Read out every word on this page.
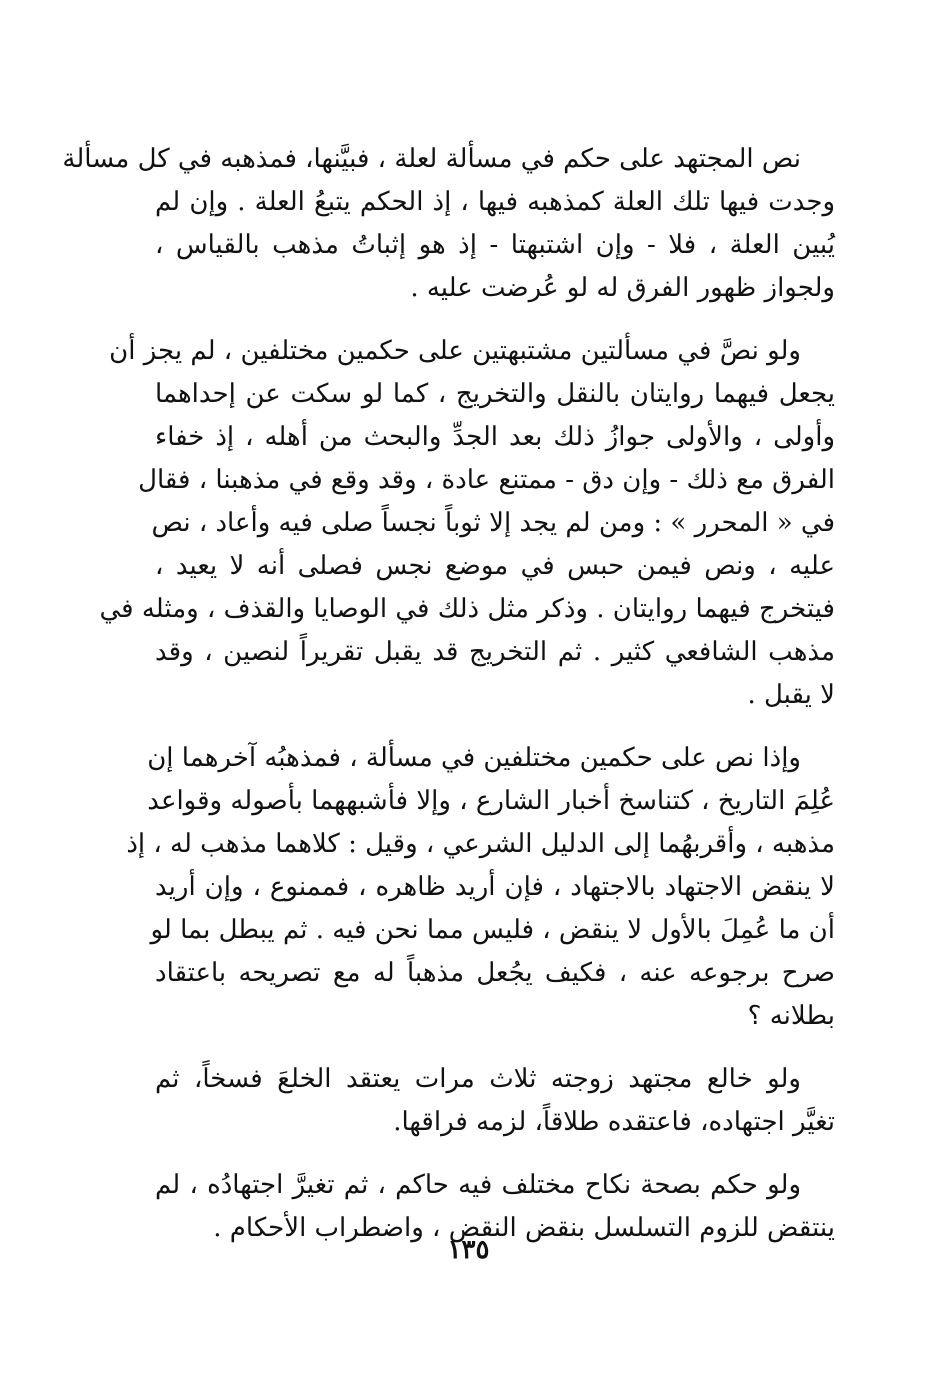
نص المجتهد على حكم في مسألة لعلة ، فبيَّنها، فمذهبه في كل مسألة
وجدت فيها تلك العلة كمذهبه فيها ، إذ الحكم يتبعُ العلة . وإن لم
يُبين العلة ، فلا - وإن اشتبهتا - إذ هو إثباتُ مذهب بالقياس ،
ولجواز ظهور الفرق له لو عُرضت عليه .
ولو نصَّ في مسألتين مشتبهتين على حكمين مختلفين ، لم يجز أن
يجعل فيهما روايتان بالنقل والتخريج ، كما لو سكت عن إحداهما
وأولى ، والأولى جوازُ ذلك بعد الجدِّ والبحث من أهله ، إذ خفاء
الفرق مع ذلك - وإن دق - ممتنع عادة ، وقد وقع في مذهبنا ، فقال
في « المحرر » : ومن لم يجد إلا ثوباً نجساً صلى فيه وأعاد ، نص
عليه ، ونص فيمن حبس في موضع نجس فصلى أنه لا يعيد ،
فيتخرج فيهما روايتان . وذكر مثل ذلك في الوصايا والقذف ، ومثله في
مذهب الشافعي كثير . ثم التخريج قد يقبل تقريراً لنصين ، وقد
لا يقبل .
وإذا نص على حكمين مختلفين في مسألة ، فمذهبُه آخرهما إن
عُلِمَ التاريخ ، كتناسخ أخبار الشارع ، وإلا فأشبههما بأصوله وقواعد
مذهبه ، وأقربهُما إلى الدليل الشرعي ، وقيل : كلاهما مذهب له ، إذ
لا ينقض الاجتهاد بالاجتهاد ، فإن أريد ظاهره ، فممنوع ، وإن أريد
أن ما عُمِلَ بالأول لا ينقض ، فليس مما نحن فيه . ثم يبطل بما لو
صرح برجوعه عنه ، فكيف يجُعل مذهباً له مع تصريحه باعتقاد
بطلانه ؟
ولو خالع مجتهد زوجته ثلاث مرات يعتقد الخلعَ فسخاً، ثم
تغيَّر اجتهاده، فاعتقده طلاقاً، لزمه فراقها.
ولو حكم بصحة نكاح مختلف فيه حاكم ، ثم تغيرَّ اجتهادُه ، لم
ينتقض للزوم التسلسل بنقض النقض ، واضطراب الأحكام .
١٣٥
